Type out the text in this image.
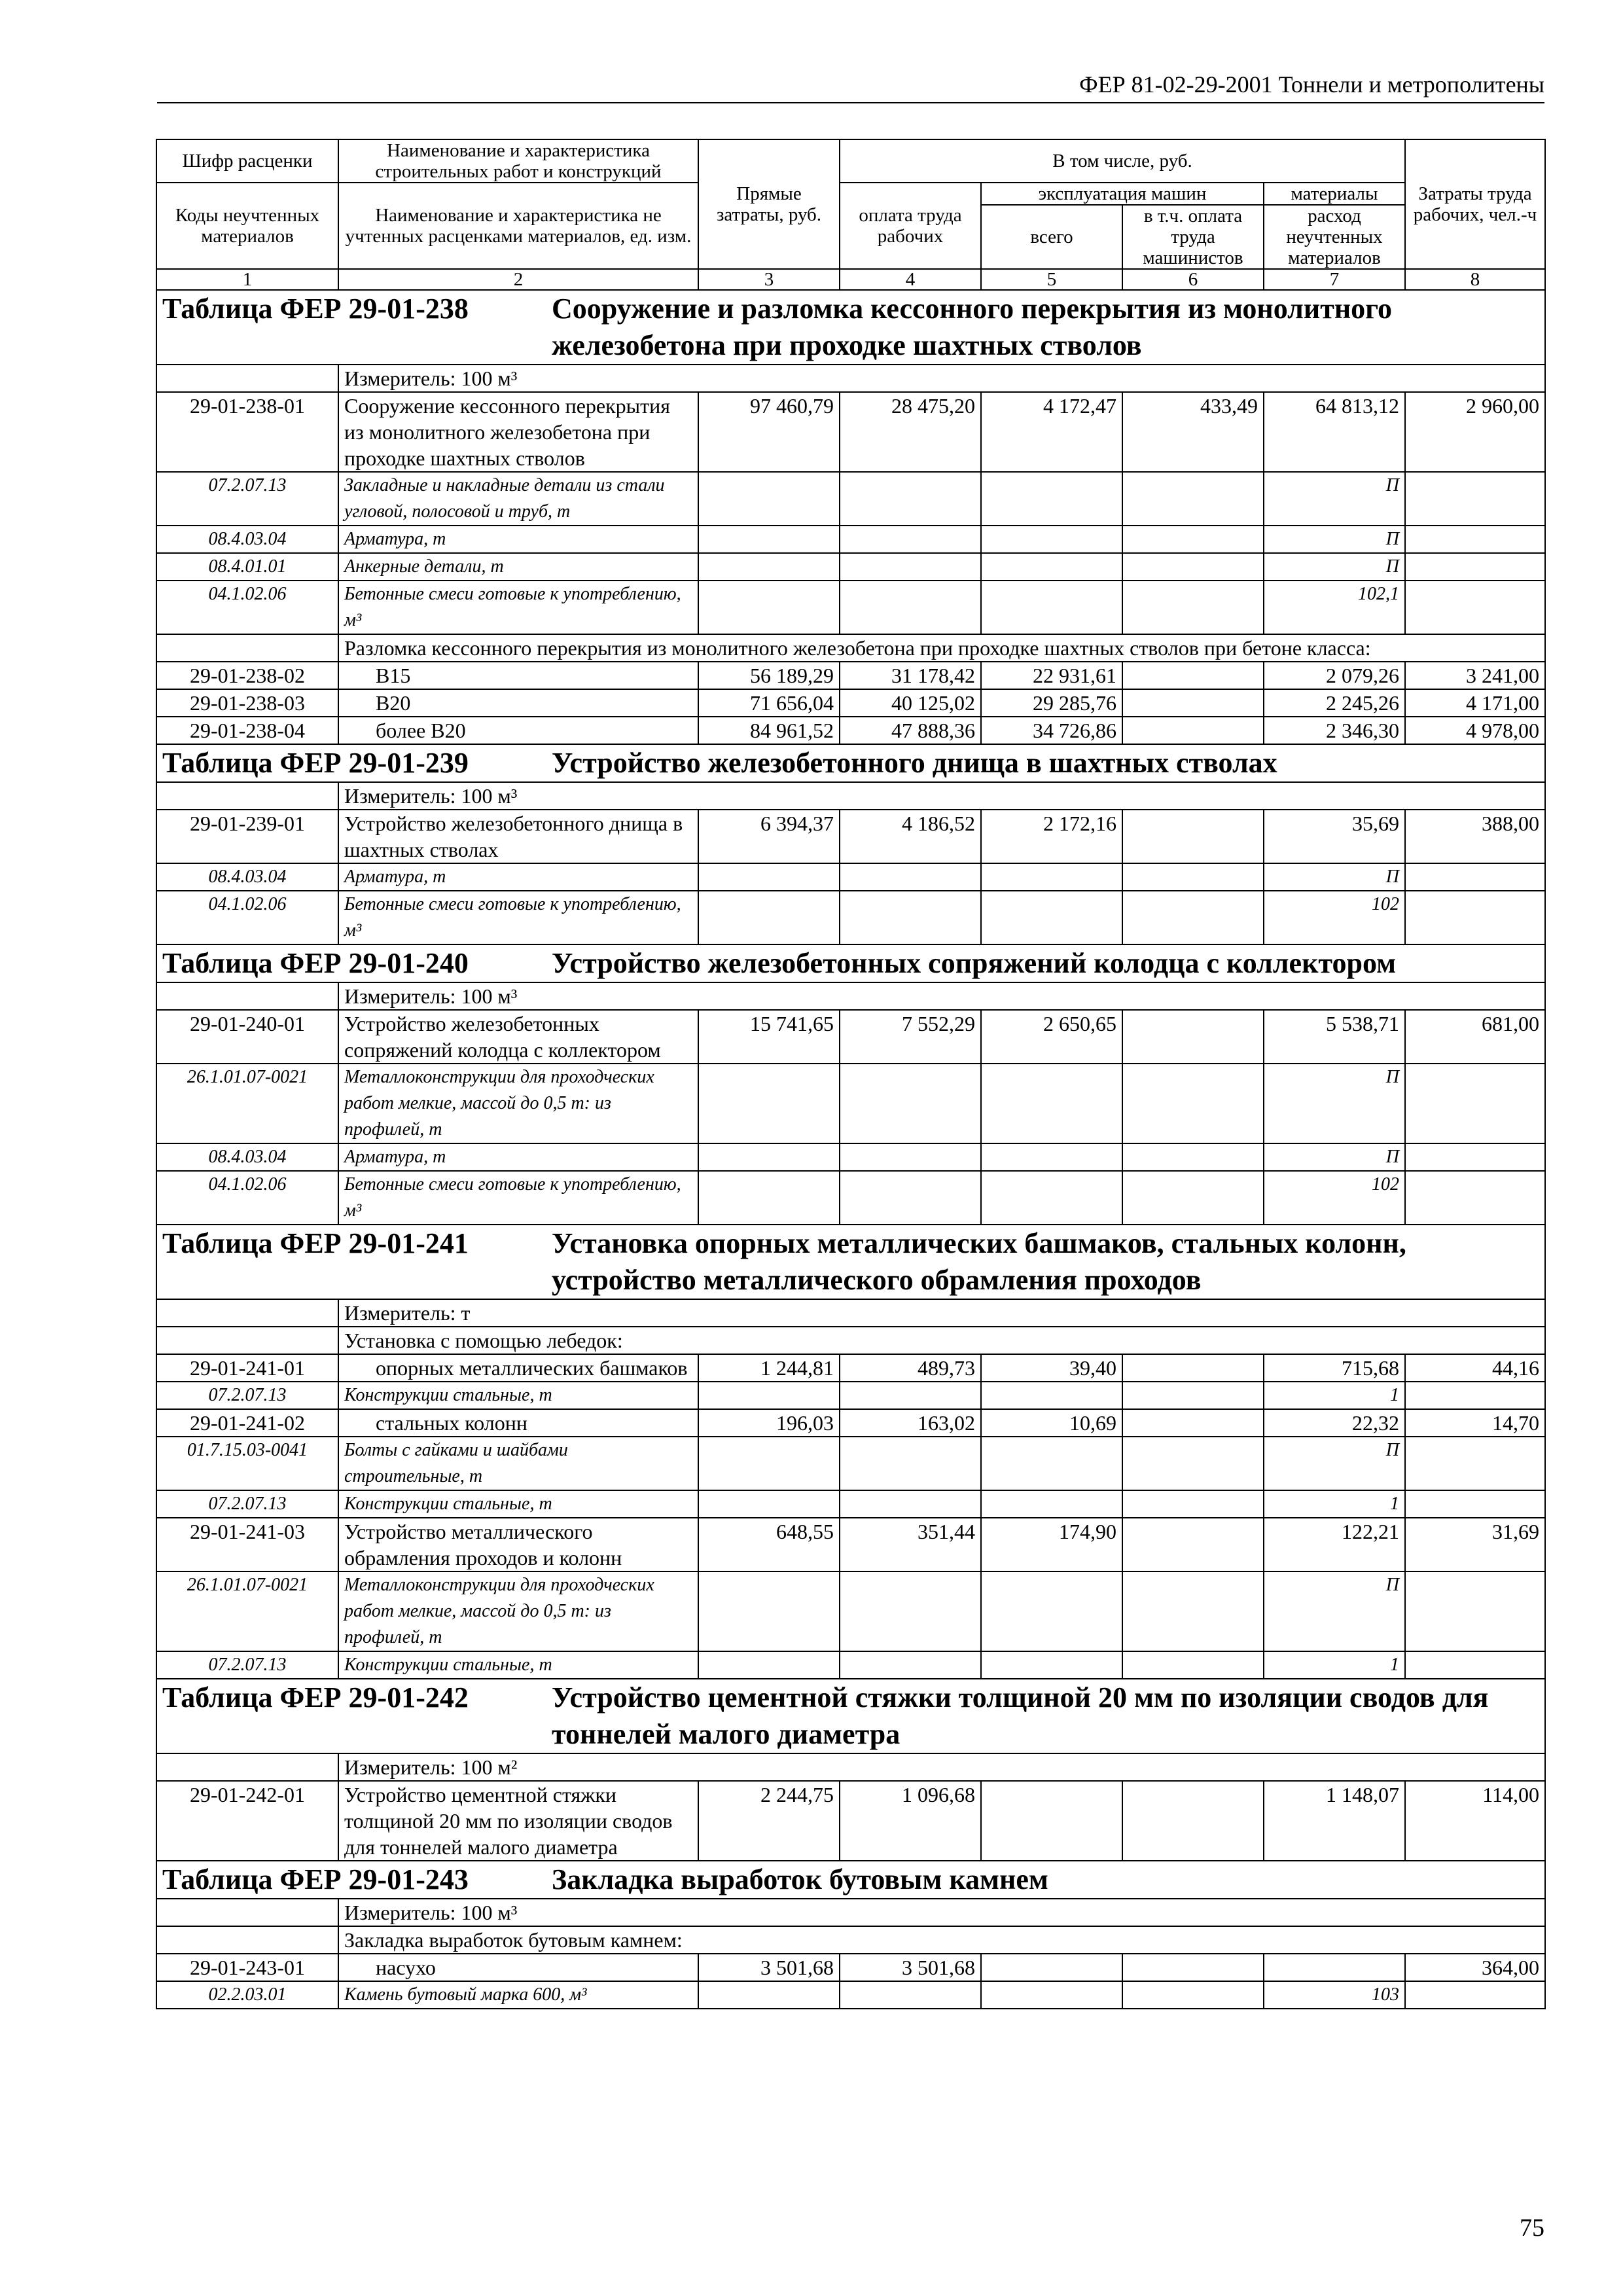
ФЕР 81-02-29-2001 Тоннели и метрополитены
Шифр расценки	Наименование и характеристика строительных работ и конструкций	Прямые затраты, руб.	В том числе, руб.				Затраты труда рабочих, чел.-ч
Коды неучтенных материалов	Наименование и характеристика не учтенных расценками материалов, ед. изм.		оплата труда рабочих	эксплуатация машин		материалы	
				всего	в т.ч. оплата труда машинистов	расход неучтенных материалов	
1	2	3	4	5	6	7	8
Таблица ФЕР 29-01-238 Сооружение и разломка кессонного перекрытия из монолитного железобетона при проходке шахтных стволов							
	Измеритель: 100 м³						
29-01-238-01	Сооружение кессонного перекрытия из монолитного железобетона при проходке шахтных стволов	97 460,79	28 475,20	4 172,47	433,49	64 813,12	2 960,00
07.2.07.13	Закладные и накладные детали из стали угловой, полосовой и труб, т					П	
08.4.03.04	Арматура, т					П	
08.4.01.01	Анкерные детали, т					П	
04.1.02.06	Бетонные смеси готовые к употреблению, м³					102,1	
	Разломка кессонного перекрытия из монолитного железобетона при проходке шахтных стволов при бетоне класса:						
29-01-238-02	B15	56 189,29	31 178,42	22 931,61		2 079,26	3 241,00
29-01-238-03	B20	71 656,04	40 125,02	29 285,76		2 245,26	4 171,00
29-01-238-04	более B20	84 961,52	47 888,36	34 726,86		2 346,30	4 978,00
Таблица ФЕР 29-01-239 Устройство железобетонного днища в шахтных стволах							
	Измеритель: 100 м³						
29-01-239-01	Устройство железобетонного днища в шахтных стволах	6 394,37	4 186,52	2 172,16		35,69	388,00
08.4.03.04	Арматура, т					П	
04.1.02.06	Бетонные смеси готовые к употреблению, м³					102	
Таблица ФЕР 29-01-240 Устройство железобетонных сопряжений колодца с коллектором							
	Измеритель: 100 м³						
29-01-240-01	Устройство железобетонных сопряжений колодца с коллектором	15 741,65	7 552,29	2 650,65		5 538,71	681,00
26.1.01.07-0021	Металлоконструкции для проходческих работ мелкие, массой до 0,5 т: из профилей, т					П	
08.4.03.04	Арматура, т					П	
04.1.02.06	Бетонные смеси готовые к употреблению, м³					102	
Таблица ФЕР 29-01-241 Установка опорных металлических башмаков, стальных колонн, устройство металлического обрамления проходов							
	Измеритель: т						
	Установка с помощью лебедок:						
29-01-241-01	опорных металлических башмаков	1 244,81	489,73	39,40		715,68	44,16
07.2.07.13	Конструкции стальные, т					1	
29-01-241-02	стальных колонн	196,03	163,02	10,69		22,32	14,70
01.7.15.03-0041	Болты с гайками и шайбами строительные, т					П	
07.2.07.13	Конструкции стальные, т					1	
29-01-241-03	Устройство металлического обрамления проходов и колонн	648,55	351,44	174,90		122,21	31,69
26.1.01.07-0021	Металлоконструкции для проходческих работ мелкие, массой до 0,5 т: из профилей, т					П	
07.2.07.13	Конструкции стальные, т					1	
Таблица ФЕР 29-01-242 Устройство цементной стяжки толщиной 20 мм по изоляции сводов для тоннелей малого диаметра							
	Измеритель: 100 м²						
29-01-242-01	Устройство цементной стяжки толщиной 20 мм по изоляции сводов для тоннелей малого диаметра	2 244,75	1 096,68			1 148,07	114,00
Таблица ФЕР 29-01-243 Закладка выработок бутовым камнем							
	Измеритель: 100 м³						
	Закладка выработок бутовым камнем:						
29-01-243-01	насухо	3 501,68	3 501,68				364,00
02.2.03.01	Камень бутовый марка 600, м³					103	
75
